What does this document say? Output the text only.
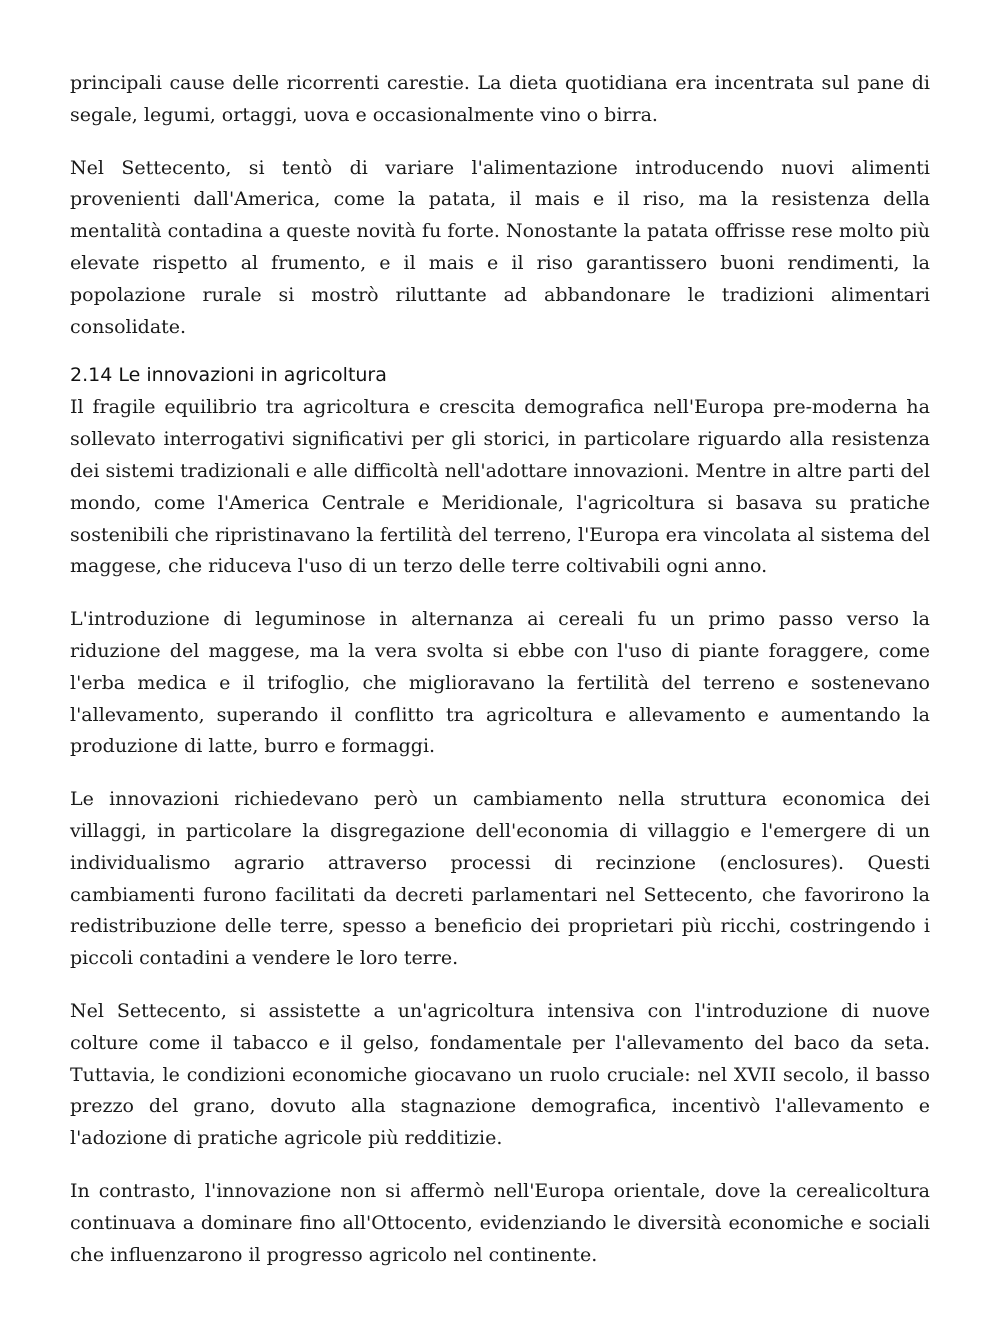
principali cause delle ricorrenti carestie. La dieta quotidiana era incentrata sul pane di segale, legumi, ortaggi, uova e occasionalmente vino o birra.

Nel Settecento, si tentò di variare l'alimentazione introducendo nuovi alimenti provenienti dall'America, come la patata, il mais e il riso, ma la resistenza della mentalità contadina a queste novità fu forte. Nonostante la patata offrisse rese molto più elevate rispetto al frumento, e il mais e il riso garantissero buoni rendimenti, la popolazione rurale si mostrò riluttante ad abbandonare le tradizioni alimentari consolidate.

2.14 Le innovazioni in agricoltura

Il fragile equilibrio tra agricoltura e crescita demografica nell'Europa pre-moderna ha sollevato interrogativi significativi per gli storici, in particolare riguardo alla resistenza dei sistemi tradizionali e alle difficoltà nell'adottare innovazioni. Mentre in altre parti del mondo, come l'America Centrale e Meridionale, l'agricoltura si basava su pratiche sostenibili che ripristinavano la fertilità del terreno, l'Europa era vincolata al sistema del maggese, che riduceva l'uso di un terzo delle terre coltivabili ogni anno.

L'introduzione di leguminose in alternanza ai cereali fu un primo passo verso la riduzione del maggese, ma la vera svolta si ebbe con l'uso di piante foraggere, come l'erba medica e il trifoglio, che miglioravano la fertilità del terreno e sostenevano l'allevamento, superando il conflitto tra agricoltura e allevamento e aumentando la produzione di latte, burro e formaggi.

Le innovazioni richiedevano però un cambiamento nella struttura economica dei villaggi, in particolare la disgregazione dell'economia di villaggio e l'emergere di un individualismo agrario attraverso processi di recinzione (enclosures). Questi cambiamenti furono facilitati da decreti parlamentari nel Settecento, che favorirono la redistribuzione delle terre, spesso a beneficio dei proprietari più ricchi, costringendo i piccoli contadini a vendere le loro terre.

Nel Settecento, si assistette a un'agricoltura intensiva con l'introduzione di nuove colture come il tabacco e il gelso, fondamentale per l'allevamento del baco da seta. Tuttavia, le condizioni economiche giocavano un ruolo cruciale: nel XVII secolo, il basso prezzo del grano, dovuto alla stagnazione demografica, incentivò l'allevamento e l'adozione di pratiche agricole più redditizie.

In contrasto, l'innovazione non si affermò nell'Europa orientale, dove la cerealicoltura continuava a dominare fino all'Ottocento, evidenziando le diversità economiche e sociali che influenzarono il progresso agricolo nel continente.
